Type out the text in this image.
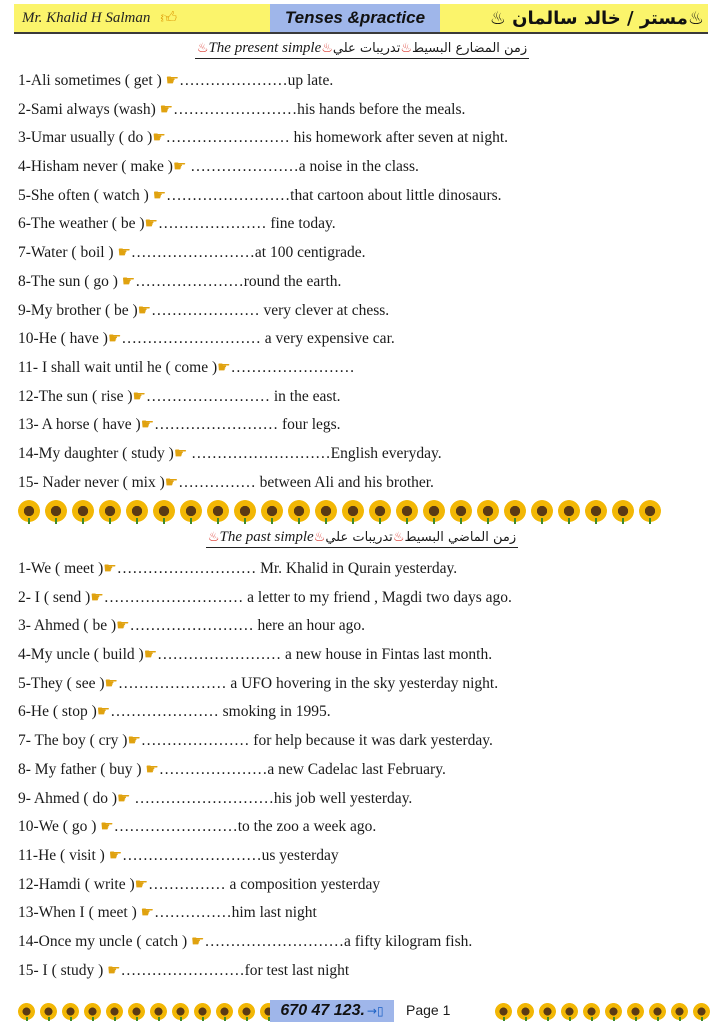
Mr. Khalid H Salman 👍︎	Tenses &practice	♨مستر / خالد سالمان ♨
♨The present simple♨	زمن المضارع البسيط♨تدريبات علي
1-Ali sometimes ( get ) ☛…………………up late.
2-Sami always (wash) ☛……………………his hands before the meals.
3-Umar usually ( do )☛…………………… his homework after seven at night.
4-Hisham never ( make )☛ …………………a noise in the class.
5-She often ( watch ) ☛……………………that cartoon about little dinosaurs.
6-The weather ( be )☛………………… fine today.
7-Water ( boil ) ☛……………………at 100 centigrade.
8-The sun ( go ) ☛…………………round the earth.
9-My brother ( be )☛………………… very clever at chess.
10-He ( have )☛……………………… a very expensive car.
11- I shall wait until he ( come )☛……………………
12-The sun ( rise )☛…………………… in the east.
13- A horse ( have )☛…………………… four legs.
14-My daughter ( study )☛ ………………………English everyday.
15- Nader never ( mix )☛…………… between Ali and his brother.
♨The past simple♨	زمن الماضي البسيط♨تدريبات علي
1-We ( meet )☛……………………… Mr. Khalid in Qurain yesterday.
2- I ( send )☛……………………… a letter to my friend , Magdi two days ago.
3- Ahmed ( be )☛…………………… here an hour ago.
4-My uncle ( build )☛…………………… a new house in Fintas last month.
5-They ( see )☛………………… a UFO hovering in the sky yesterday night.
6-He ( stop )☛………………… smoking in 1995.
7- The boy ( cry )☛………………… for help because it was dark yesterday.
8- My father ( buy ) ☛…………………a new Cadelac last February.
9- Ahmed ( do )☛ ………………………his job well yesterday.
10-We ( go ) ☛……………………to the zoo a week ago.
11-He ( visit ) ☛………………………us yesterday
12-Hamdi ( write )☛…………… a composition yesterday
13-When I ( meet ) ☛……………him last night
14-Once my uncle ( catch ) ☛………………………a fifty kilogram fish.
15- I ( study ) ☛……………………for test last night
670 47 123. →▯ Page 1
